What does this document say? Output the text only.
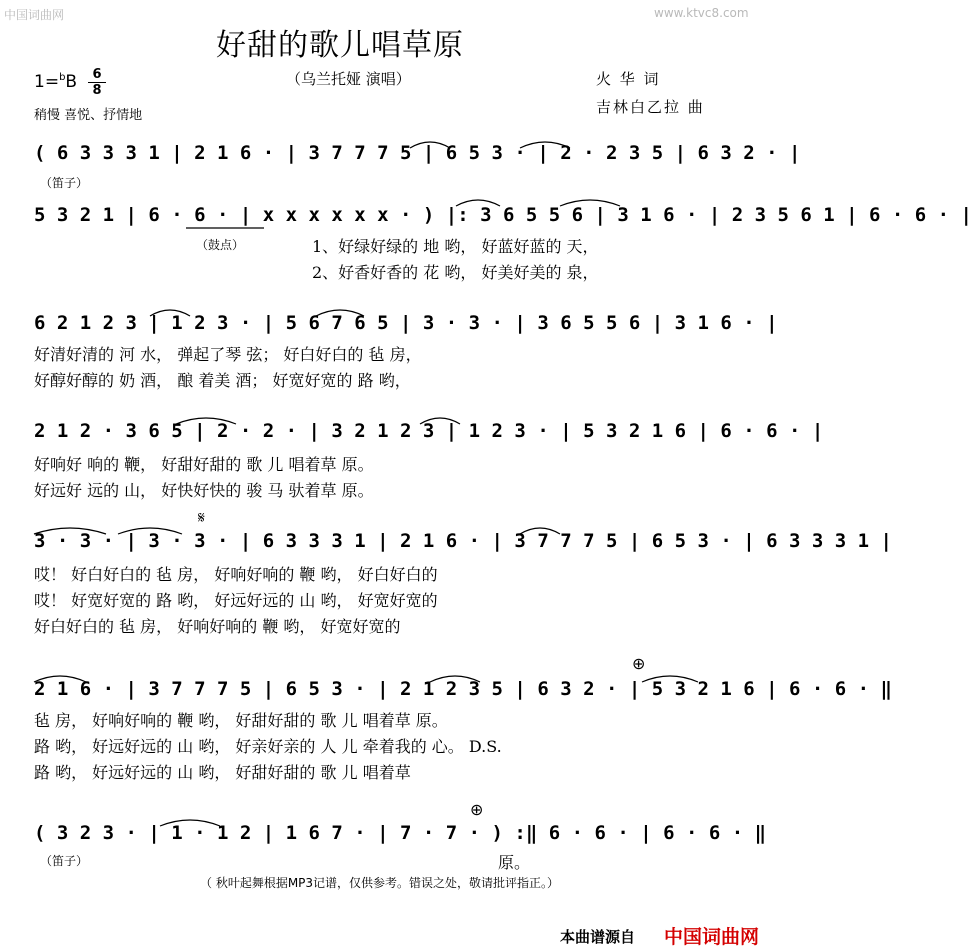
中国词曲网	www.ktvc8.com
好甜的歌儿唱草原
（乌兰托娅 演唱）	火 华 词
吉林白乙拉 曲
1=$^b$B	6
8
稍慢 喜悦、抒情地
( 6 3 3 3 1 | 2 1 6 · | 3 7 7 7 5 | 6 5 3 · | 2 · 2 3 5 | 6 3 2 · |
（笛子）
5 3 2 1 | 6 · 6 · | x x x x x x · ) |: 3 6 5 5 6 | 3 1 6 · | 2 3 5 6 1 | 6 · 6 · |
（鼓点）	1、好绿好绿的 地 哟， 好蓝好蓝的 天，
2、好香好香的 花 哟， 好美好美的 泉，
6 2 1 2 3 | 1 2 3 · | 5 6 7 6 5 | 3 · 3 · | 3 6 5 5 6 | 3 1 6 · |
好清好清的 河 水， 弹起了琴 弦； 好白好白的 毡 房，
好醇好醇的 奶 酒， 酿 着美 酒； 好宽好宽的 路 哟，
2 1 2 · 3 6 5 | 2 · 2 · | 3 2 1 2 3 | 1 2 3 · | 5 3 2 1 6 | 6 · 6 · |
好响好 响的 鞭， 好甜好甜的 歌 儿 唱着草 原。
好远好 远的 山， 好快好快的 骏 马 驮着草 原。
𝄋
3 · 3 · | 3 · 3 · | 6 3 3 3 1 | 2 1 6 · | 3 7 7 7 5 | 6 5 3 · | 6 3 3 3 1 |
哎！ 好白好白的 毡 房， 好响好响的 鞭 哟， 好白好白的
哎！ 好宽好宽的 路 哟， 好远好远的 山 哟， 好宽好宽的
好白好白的 毡 房， 好响好响的 鞭 哟， 好宽好宽的
⊕
2 1 6 · | 3 7 7 7 5 | 6 5 3 · | 2 1 2 3 5 | 6 3 2 · | 5 3 2 1 6 | 6 · 6 · ‖
毡 房， 好响好响的 鞭 哟， 好甜好甜的 歌 儿 唱着草 原。
路 哟， 好远好远的 山 哟， 好亲好亲的 人 儿 牵着我的 心。 D.S.
路 哟， 好远好远的 山 哟， 好甜好甜的 歌 儿 唱着草
⊕
( 3 2 3 · | 1 · 1 2 | 1 6 7 · | 7 · 7 · ) :‖ 6 · 6 · | 6 · 6 · ‖
（笛子）	原。
（ 秋叶起舞根据MP3记谱，仅供参考。错误之处，敬请批评指正。）
本曲谱源自 中国词曲网
